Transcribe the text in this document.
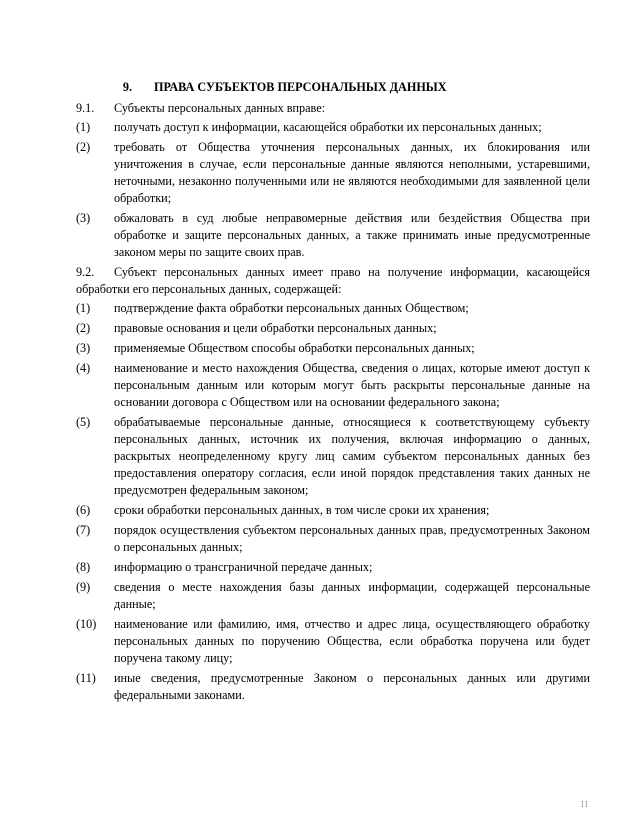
9.	ПРАВА СУБЪЕКТОВ ПЕРСОНАЛЬНЫХ ДАННЫХ
9.1. Субъекты персональных данных вправе:
(1)	получать доступ к информации, касающейся обработки их персональных данных;
(2)	требовать от Общества уточнения персональных данных, их блокирования или уничтожения в случае, если персональные данные являются неполными, устаревшими, неточными, незаконно полученными или не являются необходимыми для заявленной цели обработки;
(3)	обжаловать в суд любые неправомерные действия или бездействия Общества при обработке и защите персональных данных, а также принимать иные предусмотренные законом меры по защите своих прав.
9.2. Субъект персональных данных имеет право на получение информации, касающейся обработки его персональных данных, содержащей:
(1)	подтверждение факта обработки персональных данных Обществом;
(2)	правовые основания и цели обработки персональных данных;
(3)	применяемые Обществом способы обработки персональных данных;
(4)	наименование и место нахождения Общества, сведения о лицах, которые имеют доступ к персональным данным или которым могут быть раскрыты персональные данные на основании договора с Обществом или на основании федерального закона;
(5)	обрабатываемые персональные данные, относящиеся к соответствующему субъекту персональных данных, источник их получения, включая информацию о данных, раскрытых неопределенному кругу лиц самим субъектом персональных данных без предоставления оператору согласия, если иной порядок представления таких данных не предусмотрен федеральным законом;
(6)	сроки обработки персональных данных, в том числе сроки их хранения;
(7)	порядок осуществления субъектом персональных данных прав, предусмотренных Законом о персональных данных;
(8)	информацию о трансграничной передаче данных;
(9)	сведения о месте нахождения базы данных информации, содержащей персональные данные;
(10)	наименование или фамилию, имя, отчество и адрес лица, осуществляющего обработку персональных данных по поручению Общества, если обработка поручена или будет поручена такому лицу;
(11)	иные сведения, предусмотренные Законом о персональных данных или другими федеральными законами.
11
